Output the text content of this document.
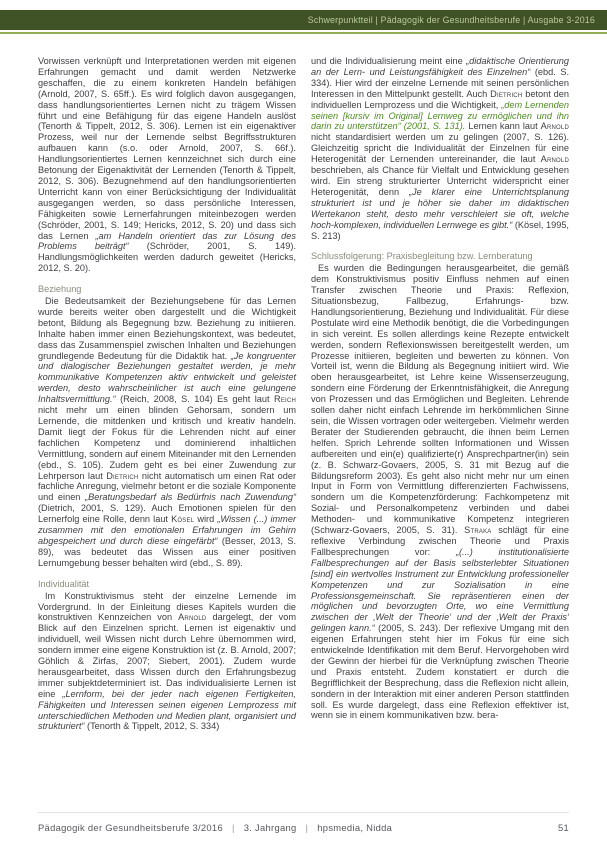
Schwerpunktteil | Pädagogik der Gesundheitsberufe | Ausgabe 3-2016

Vorwissen verknüpft und Interpretationen werden mit eigenen Erfahrungen gemacht und damit werden Netzwerke geschaffen, die zu einem konkreten Handeln befähigen (Arnold, 2007, S. 65ff.). Es wird folglich davon ausgegangen, dass handlungsorientiertes Lernen nicht zu trägem Wissen führt und eine Befähigung für das eigene Handeln auslöst (Tenorth & Tippelt, 2012, S. 306). Lernen ist ein eigenaktiver Prozess, weil nur der Lernende selbst Begriffsstrukturen aufbauen kann (s.o. oder Arnold, 2007, S. 66f.). Handlungsorientiertes Lernen kennzeichnet sich durch eine Betonung der Eigenaktivität der Lernenden (Tenorth & Tippelt, 2012, S. 306). Bezugnehmend auf den handlungsorientierten Unterricht kann von einer Berücksichtigung der Individualität ausgegangen werden, so dass persönliche Interessen, Fähigkeiten sowie Lernerfahrungen miteinbezogen werden (Schröder, 2001, S. 149; Hericks, 2012, S. 20) und dass sich das Lernen „am Handeln orientiert das zur Lösung des Problems beiträgt“ (Schröder, 2001, S. 149). Handlungsmöglichkeiten werden dadurch geweitet (Hericks, 2012, S. 20).

Beziehung

Die Bedeutsamkeit der Beziehungsebene für das Lernen wurde bereits weiter oben dargestellt und die Wichtigkeit betont, Bildung als Begegnung bzw. Beziehung zu initiieren. Inhalte haben immer einen Beziehungskontext, was bedeutet, dass das Zusammenspiel zwischen Inhalten und Beziehungen grundlegende Bedeutung für die Didaktik hat. „Je kongruenter und dialogischer Beziehungen gestaltet werden, je mehr kommunikative Kompetenzen aktiv entwickelt und geleistet werden, desto wahrscheinlicher ist auch eine gelungene Inhaltsvermittlung.“ (Reich, 2008, S. 104) Es geht laut Reich nicht mehr um einen blinden Gehorsam, sondern um Lernende, die mitdenken und kritisch und kreativ handeln. Damit liegt der Fokus für die Lehrenden nicht auf einer fachlichen Kompetenz und dominierend inhaltlichen Vermittlung, sondern auf einem Miteinander mit den Lernenden (ebd., S. 105). Zudem geht es bei einer Zuwendung zur Lehrperson laut Dietrich nicht automatisch um einen Rat oder fachliche Anregung, vielmehr betont er die soziale Komponente und einen „Beratungsbedarf als Bedürfnis nach Zuwendung“ (Dietrich, 2001, S. 129). Auch Emotionen spielen für den Lernerfolg eine Rolle, denn laut Kösel wird „Wissen (...) immer zusammen mit den emotionalen Erfahrungen im Gehirn abgespeichert und durch diese eingefärbt“ (Besser, 2013, S. 89), was bedeutet das Wissen aus einer positiven Lernumgebung besser behalten wird (ebd., S. 89).

Individualität

Im Konstruktivismus steht der einzelne Lernende im Vordergrund. In der Einleitung dieses Kapitels wurden die konstruktiven Kennzeichen von Arnold dargelegt, der vom Blick auf den Einzelnen spricht. Lernen ist eigenaktiv und individuell, weil Wissen nicht durch Lehre übernommen wird, sondern immer eine eigene Konstruktion ist (z. B. Arnold, 2007; Göhlich & Zirfas, 2007; Siebert, 2001). Zudem wurde herausgearbeitet, dass Wissen durch den Erfahrungsbezug immer subjektdeterminiert ist. Das individualisierte Lernen ist eine „Lernform, bei der jeder nach eigenen Fertigkeiten, Fähigkeiten und Interessen seinen eigenen Lernprozess mit unterschiedlichen Methoden und Medien plant, organisiert und strukturiert“ (Tenorth & Tippelt, 2012, S. 334)

und die Individualisierung meint eine „didaktische Orientierung an der Lern- und Leistungsfähigkeit des Einzelnen“ (ebd. S. 334). Hier wird der einzelne Lernende mit seinen persönlichen Interessen in den Mittelpunkt gestellt. Auch Dietrich betont den individuellen Lernprozess und die Wichtigkeit, „dem Lernenden seinen [kursiv im Original] Lernweg zu ermöglichen und ihn darin zu unterstützen“ (2001, S. 131). Lernen kann laut Arnold nicht standardisiert werden um zu gelingen (2007, S. 126). Gleichzeitig spricht die Individualität der Einzelnen für eine Heterogenität der Lernenden untereinander, die laut Arnold beschrieben, als Chance für Vielfalt und Entwicklung gesehen wird. Ein streng strukturierter Unterricht widerspricht einer Heterogenität, denn „Je klarer eine Unterrichtsplanung strukturiert ist und je höher sie daher im didaktischen Wertekanon steht, desto mehr verschleiert sie oft, welche hoch-komplexen, individuellen Lernwege es gibt.“ (Kösel, 1995, S. 213)

Schlussfolgerung: Praxisbegleitung bzw. Lernberatung

Es wurden die Bedingungen herausgearbeitet, die gemäß dem Konstruktivismus positiv Einfluss nehmen auf einen Transfer zwischen Theorie und Praxis: Reflexion, Situationsbezug, Fallbezug, Erfahrungs- bzw. Handlungsorientierung, Beziehung und Individualität. Für diese Postulate wird eine Methodik benötigt, die die Vorbedingungen in sich vereint. Es sollen allerdings keine Rezepte entwickelt werden, sondern Reflexionswissen bereitgestellt werden, um Prozesse initiieren, begleiten und bewerten zu können. Von Vorteil ist, wenn die Bildung als Begegnung initiiert wird. Wie oben herausgearbeitet, ist Lehre keine Wissenserzeugung, sondern eine Förderung der Erkenntnisfähigkeit, die Anregung von Prozessen und das Ermöglichen und Begleiten. Lehrende sollen daher nicht einfach Lehrende im herkömmlichen Sinne sein, die Wissen vortragen oder weitergeben. Vielmehr werden Berater der Studierenden gebraucht, die ihnen beim Lernen helfen. Sprich Lehrende sollten Informationen und Wissen aufbereiten und ein(e) qualifizierte(r) Ansprechpartner(in) sein (z. B. Schwarz-Govaers, 2005, S. 31 mit Bezug auf die Bildungsreform 2003). Es geht also nicht mehr nur um einen Input in Form von Vermittlung differenzierten Fachwissens, sondern um die Kompetenzförderung: Fachkompetenz mit Sozial- und Personalkompetenz verbinden und dabei Methoden- und kommunikative Kompetenz integrieren (Schwarz-Govaers, 2005, S. 31). Straka schlägt für eine reflexive Verbindung zwischen Theorie und Praxis Fallbesprechungen vor: „(...) institutionalisierte Fallbesprechungen auf der Basis selbsterlebter Situationen [sind] ein wertvolles Instrument zur Entwicklung professioneller Kompetenzen und zur Sozialisation in eine Professionsgemeinschaft. Sie repräsentieren einen der möglichen und bevorzugten Orte, wo eine Vermittlung zwischen der ‚Welt der Theorie‘ und der ‚Welt der Praxis‘ gelingen kann.“ (2005, S. 243). Der reflexive Umgang mit den eigenen Erfahrungen steht hier im Fokus für eine sich entwickelnde Identifikation mit dem Beruf. Hervorgehoben wird der Gewinn der hierbei für die Verknüpfung zwischen Theorie und Praxis entsteht. Zudem konstatiert er durch die Begrifflichkeit der Besprechung, dass die Reflexion nicht allein, sondern in der Interaktion mit einer anderen Person stattfinden soll. Es wurde dargelegt, dass eine Reflexion effektiver ist, wenn sie in einem kommunikativen bzw. bera-

Pädagogik der Gesundheitsberufe 3/2016 | 3. Jahrgang | hpsmedia, Nidda	51
